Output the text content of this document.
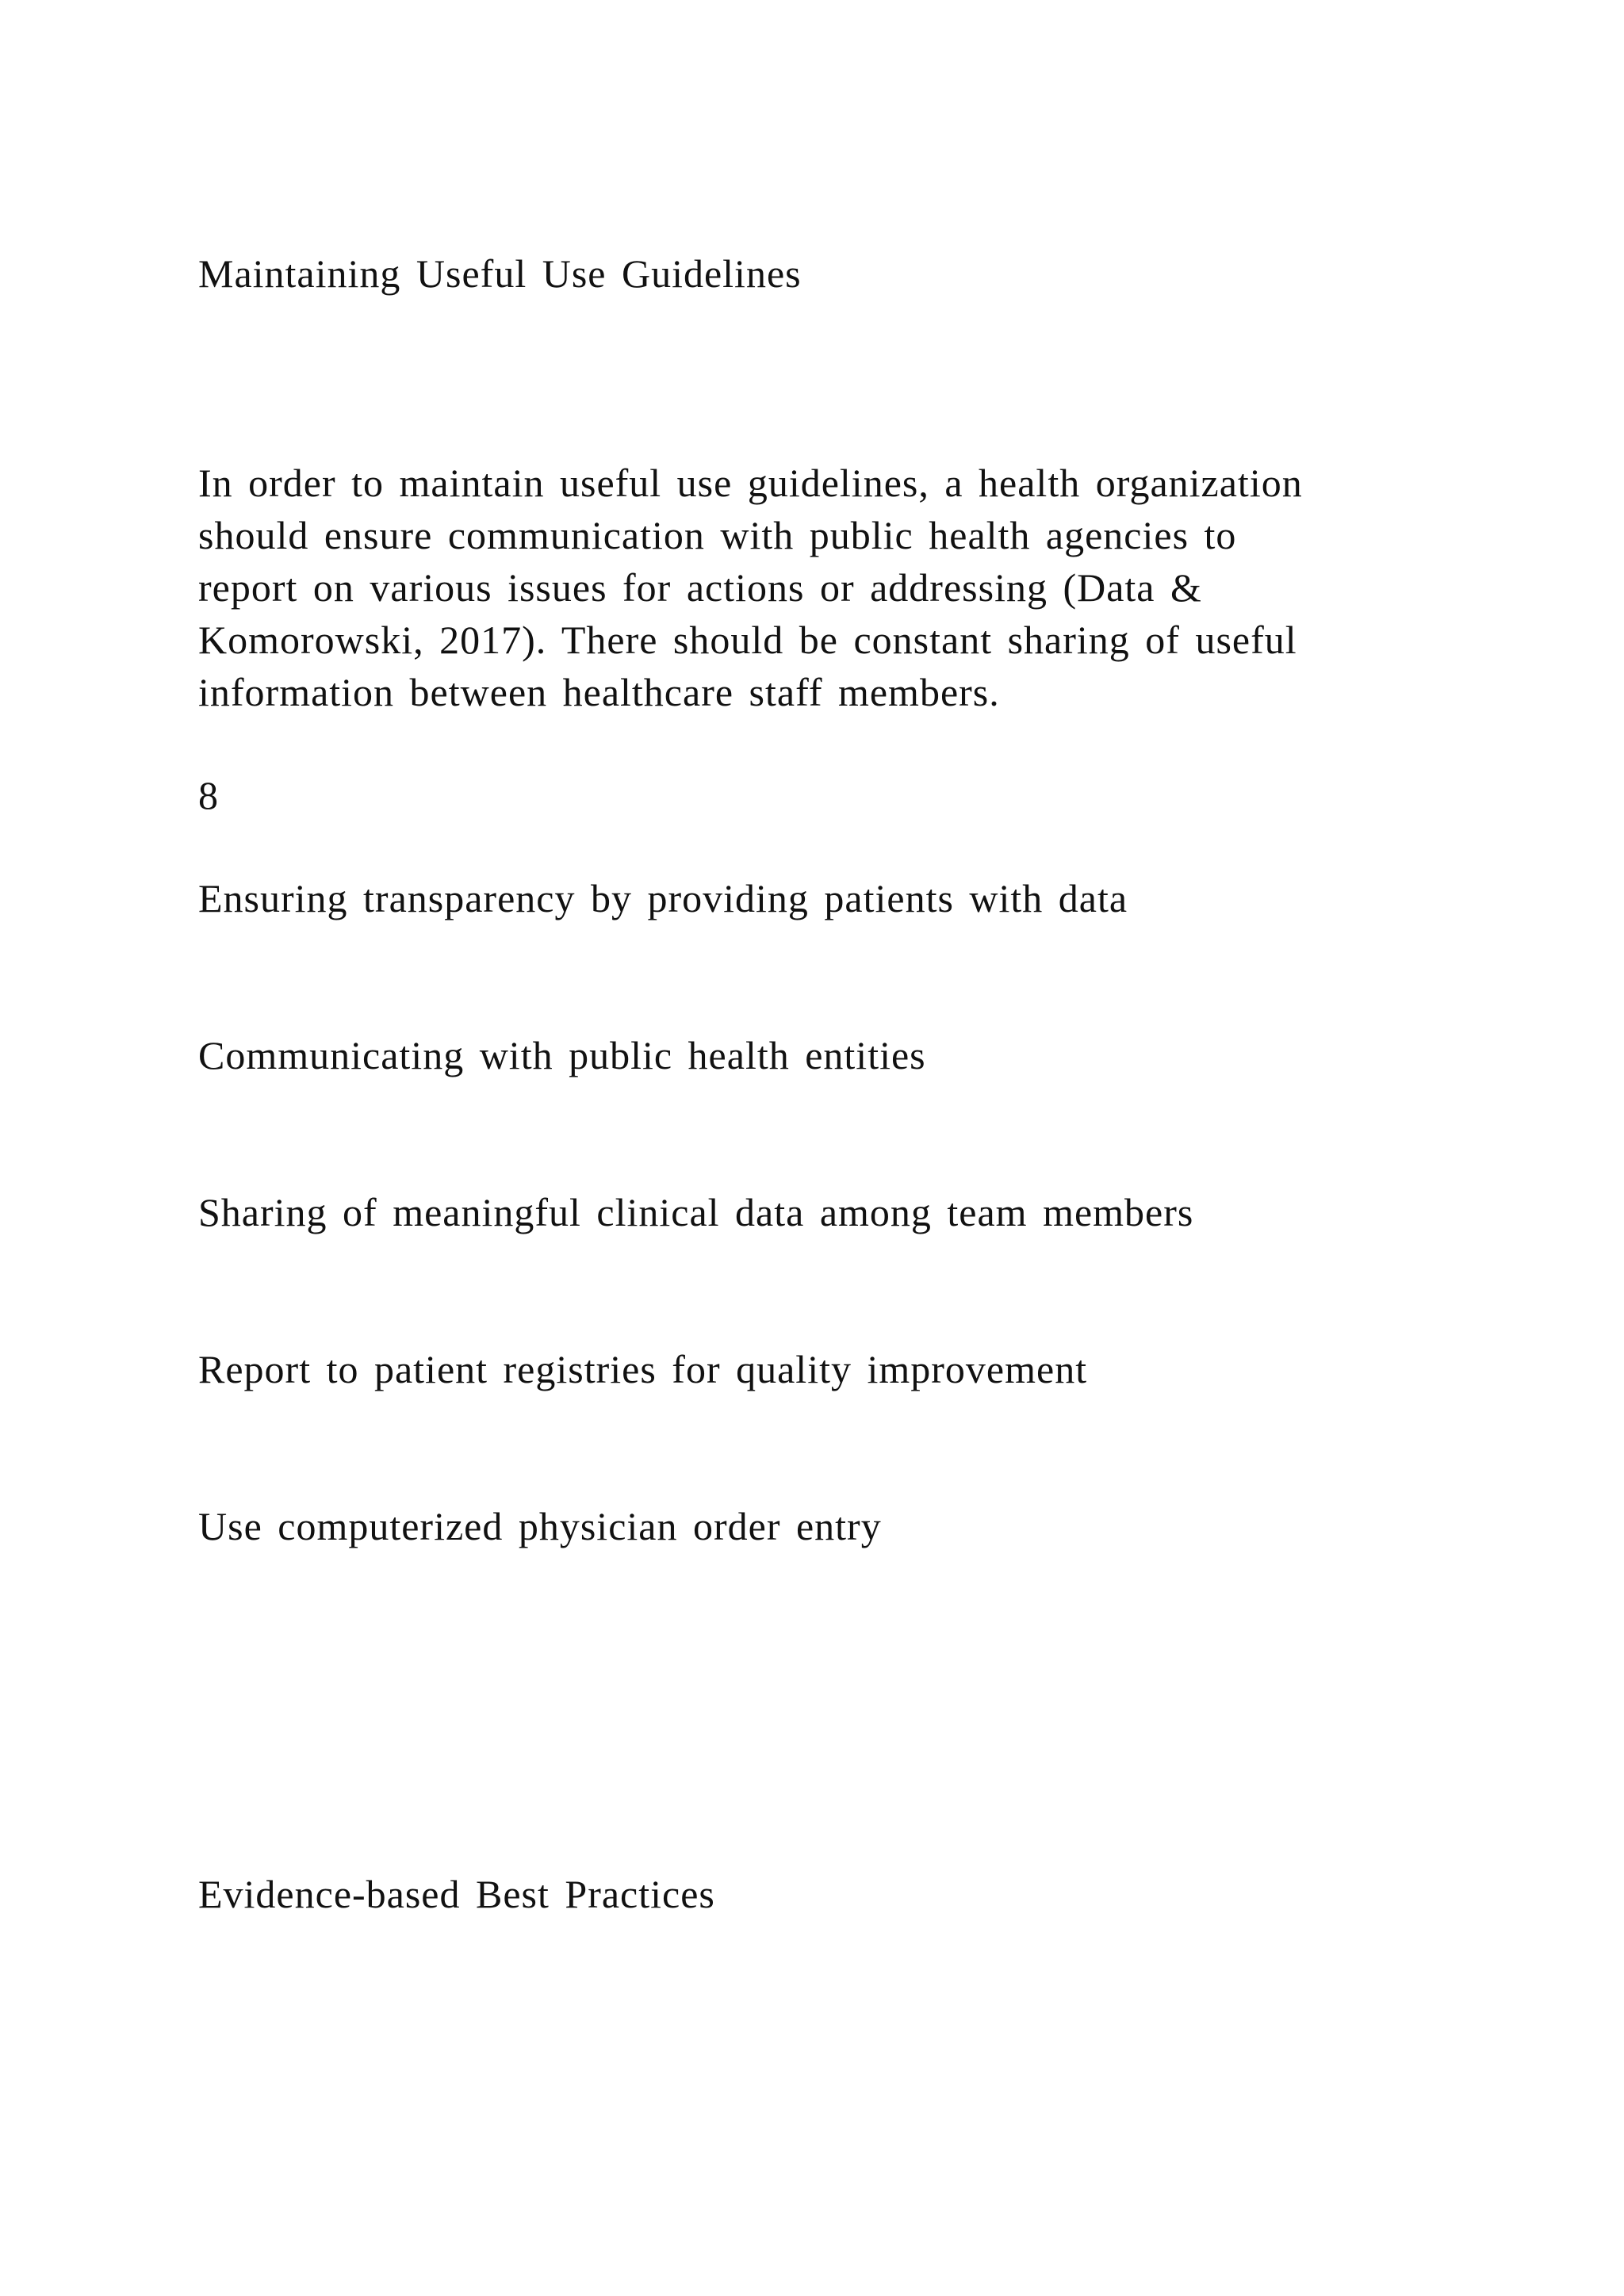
Maintaining Useful Use Guidelines
In order to maintain useful use guidelines, a health organization
should ensure communication with public health agencies to
report on various issues for actions or addressing (Data &
Komorowski, 2017). There should be constant sharing of useful
information between healthcare staff members.
8
Ensuring transparency by providing patients with data
Communicating with public health entities
Sharing of meaningful clinical data among team members
Report to patient registries for quality improvement
Use computerized physician order entry
Evidence-based Best Practices
